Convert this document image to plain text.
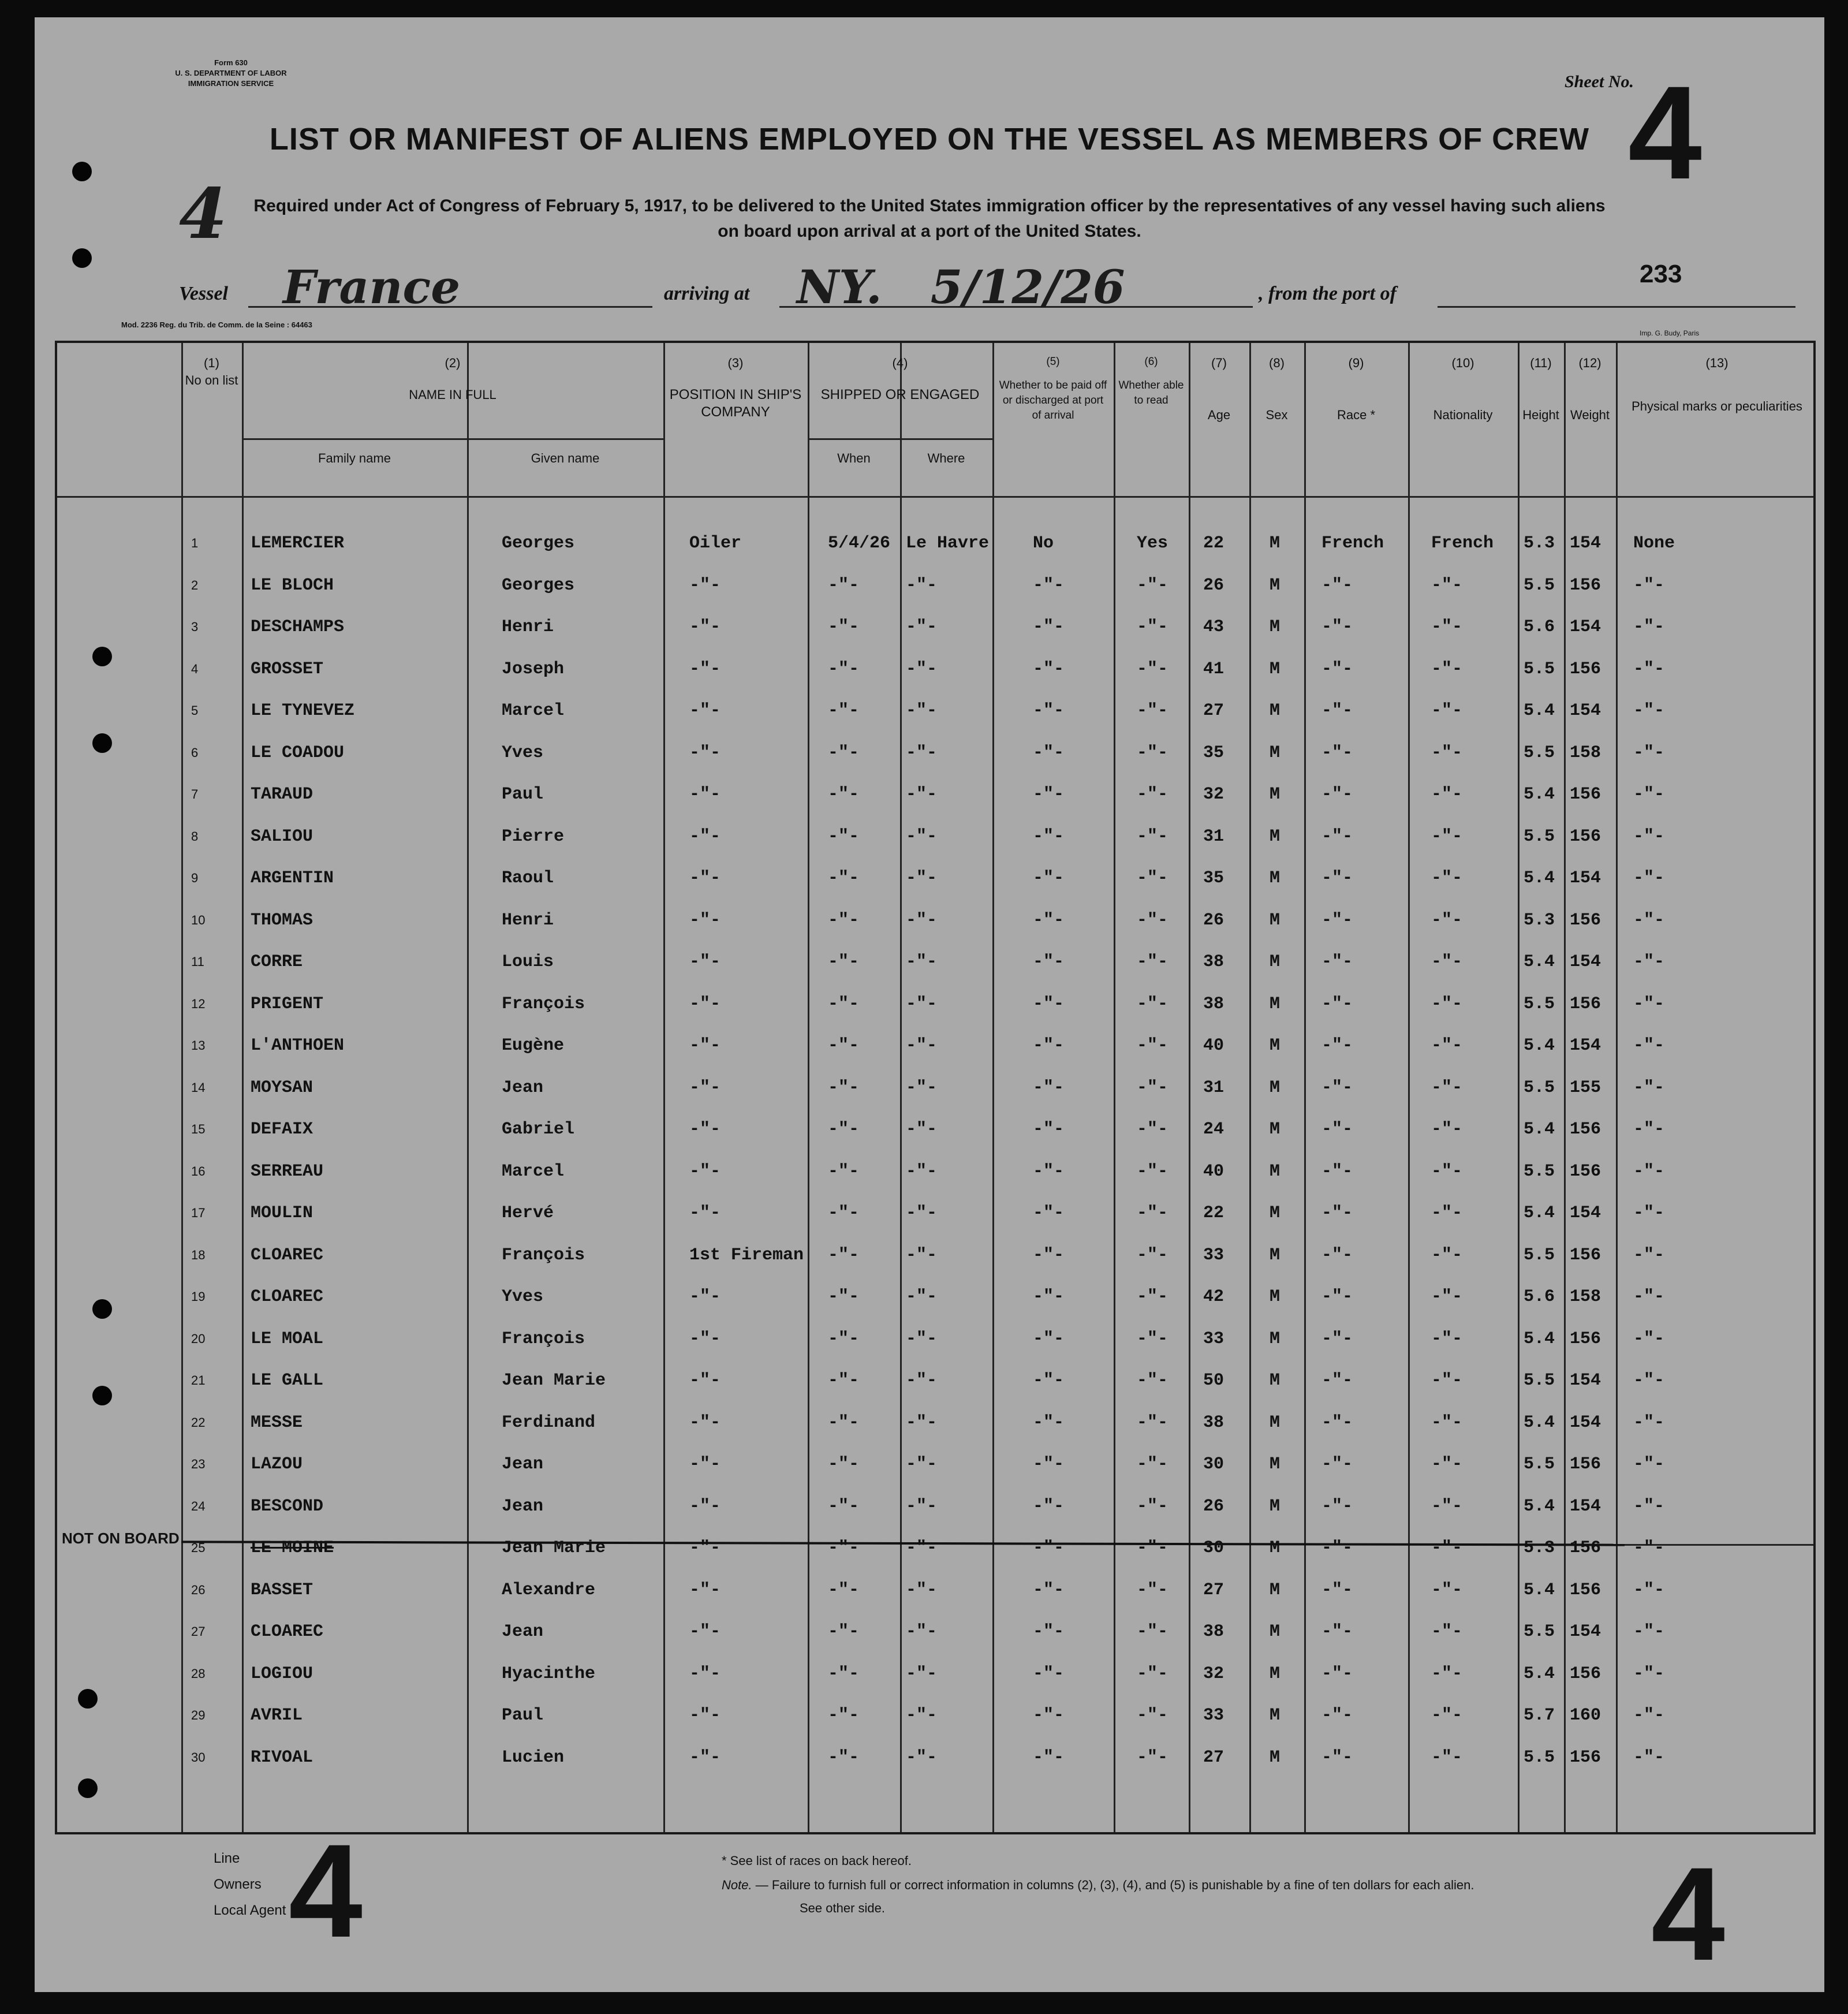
Form 630
U. S. DEPARTMENT OF LABOR
IMMIGRATION SERVICE	Sheet No.
4
LIST OR MANIFEST OF ALIENS EMPLOYED ON THE VESSEL AS MEMBERS OF CREW
4	Required under Act of Congress of February 5, 1917, to be delivered to the United States immigration officer by the representatives of any vessel having such aliens
on board upon arrival at a port of the United States.
Vessel	France	arriving at	NY. 5/12/26	, from the port of
233
Mod. 2236 Reg. du Trib. de Comm. de la Seine : 64463
Imp. G. Budy, Paris
(1)
No on list
(2)
NAME IN FULL
Family name	Given name
(3)
POSITION IN SHIP'S COMPANY
(4)
SHIPPED OR ENGAGED
When	Where
(5)
Whether to be paid off or discharged at port of arrival
(6)
Whether able to read
(7)
Age
(8)
Sex
(9)
Race *
(10)
Nationality
(11)
Height
(12)
Weight
(13)
Physical marks or peculiarities
NOT ON BOARD
1	LEMERCIER	Georges	Oiler	5/4/26 Le Havre	No	Yes 22	M French	French 5.3 154 None
2	LE BLOCH	Georges	-"-	-"-	-"-	-"-	-"- 26	M -"-	-"-	5.5 156 -"-
3	DESCHAMPS	Henri	-"-	-"-	-"-	-"-	-"- 43	M -"-	-"-	5.6 154 -"-
4	GROSSET	Joseph	-"-	-"-	-"-	-"-	-"- 41	M -"-	-"-	5.5 156 -"-
5	LE TYNEVEZ	Marcel	-"-	-"-	-"-	-"-	-"- 27	M -"-	-"-	5.4 154 -"-
6	LE COADOU	Yves	-"-	-"-	-"-	-"-	-"- 35	M -"-	-"-	5.5 158 -"-
7	TARAUD	Paul	-"-	-"-	-"-	-"-	-"- 32	M -"-	-"-	5.4 156 -"-
8	SALIOU	Pierre	-"-	-"-	-"-	-"-	-"- 31	M -"-	-"-	5.5 156 -"-
9	ARGENTIN	Raoul	-"-	-"-	-"-	-"-	-"- 35	M -"-	-"-	5.4 154 -"-
10	THOMAS	Henri	-"-	-"-	-"-	-"-	-"- 26	M -"-	-"-	5.3 156 -"-
11	CORRE	Louis	-"-	-"-	-"-	-"-	-"- 38	M -"-	-"-	5.4 154 -"-
12	PRIGENT	François	-"-	-"-	-"-	-"-	-"- 38	M -"-	-"-	5.5 156 -"-
13	L'ANTHOEN	Eugène	-"-	-"-	-"-	-"-	-"- 40	M -"-	-"-	5.4 154 -"-
14	MOYSAN	Jean	-"-	-"-	-"-	-"-	-"- 31	M -"-	-"-	5.5 155 -"-
15	DEFAIX	Gabriel	-"-	-"-	-"-	-"-	-"- 24	M -"-	-"-	5.4 156 -"-
16	SERREAU	Marcel	-"-	-"-	-"-	-"-	-"- 40	M -"-	-"-	5.5 156 -"-
17	MOULIN	Hervé	-"-	-"-	-"-	-"-	-"- 22	M -"-	-"-	5.4 154 -"-
18	CLOAREC	François	1st Fireman -"-	-"-	-"-	-"- 33	M -"-	-"-	5.5 156 -"-
19	CLOAREC	Yves	-"-	-"-	-"-	-"-	-"- 42	M -"-	-"-	5.6 158 -"-
20	LE MOAL	François	-"-	-"-	-"-	-"-	-"- 33	M -"-	-"-	5.4 156 -"-
21	LE GALL	Jean Marie	-"-	-"-	-"-	-"-	-"- 50	M -"-	-"-	5.5 154 -"-
22	MESSE	Ferdinand	-"-	-"-	-"-	-"-	-"- 38	M -"-	-"-	5.4 154 -"-
23	LAZOU	Jean	-"-	-"-	-"-	-"-	-"- 30	M -"-	-"-	5.5 156 -"-
24	BESCOND	Jean	-"-	-"-	-"-	-"-	-"- 26	M -"-	-"-	5.4 154 -"-
25	LE MOINE	Jean Marie	-"-	-"-	-"-	-"-	-"- 30	M -"-	-"-	5.3 156 -"-
26	BASSET	Alexandre	-"-	-"-	-"-	-"-	-"- 27	M -"-	-"-	5.4 156 -"-
27	CLOAREC	Jean	-"-	-"-	-"-	-"-	-"- 38	M -"-	-"-	5.5 154 -"-
28	LOGIOU	Hyacinthe	-"-	-"-	-"-	-"-	-"- 32	M -"-	-"-	5.4 156 -"-
29	AVRIL	Paul	-"-	-"-	-"-	-"-	-"- 33	M -"-	-"-	5.7 160 -"-
30	RIVOAL	Lucien	-"-	-"-	-"-	-"-	-"- 27	M -"-	-"-	5.5 156 -"-
Line
Owners
Local Agent 4	* See list of races on back hereof.
Note. — Failure to furnish full or correct information in columns (2), (3), (4), and (5) is punishable by a fine of ten dollars for each alien.
See other side.	4
